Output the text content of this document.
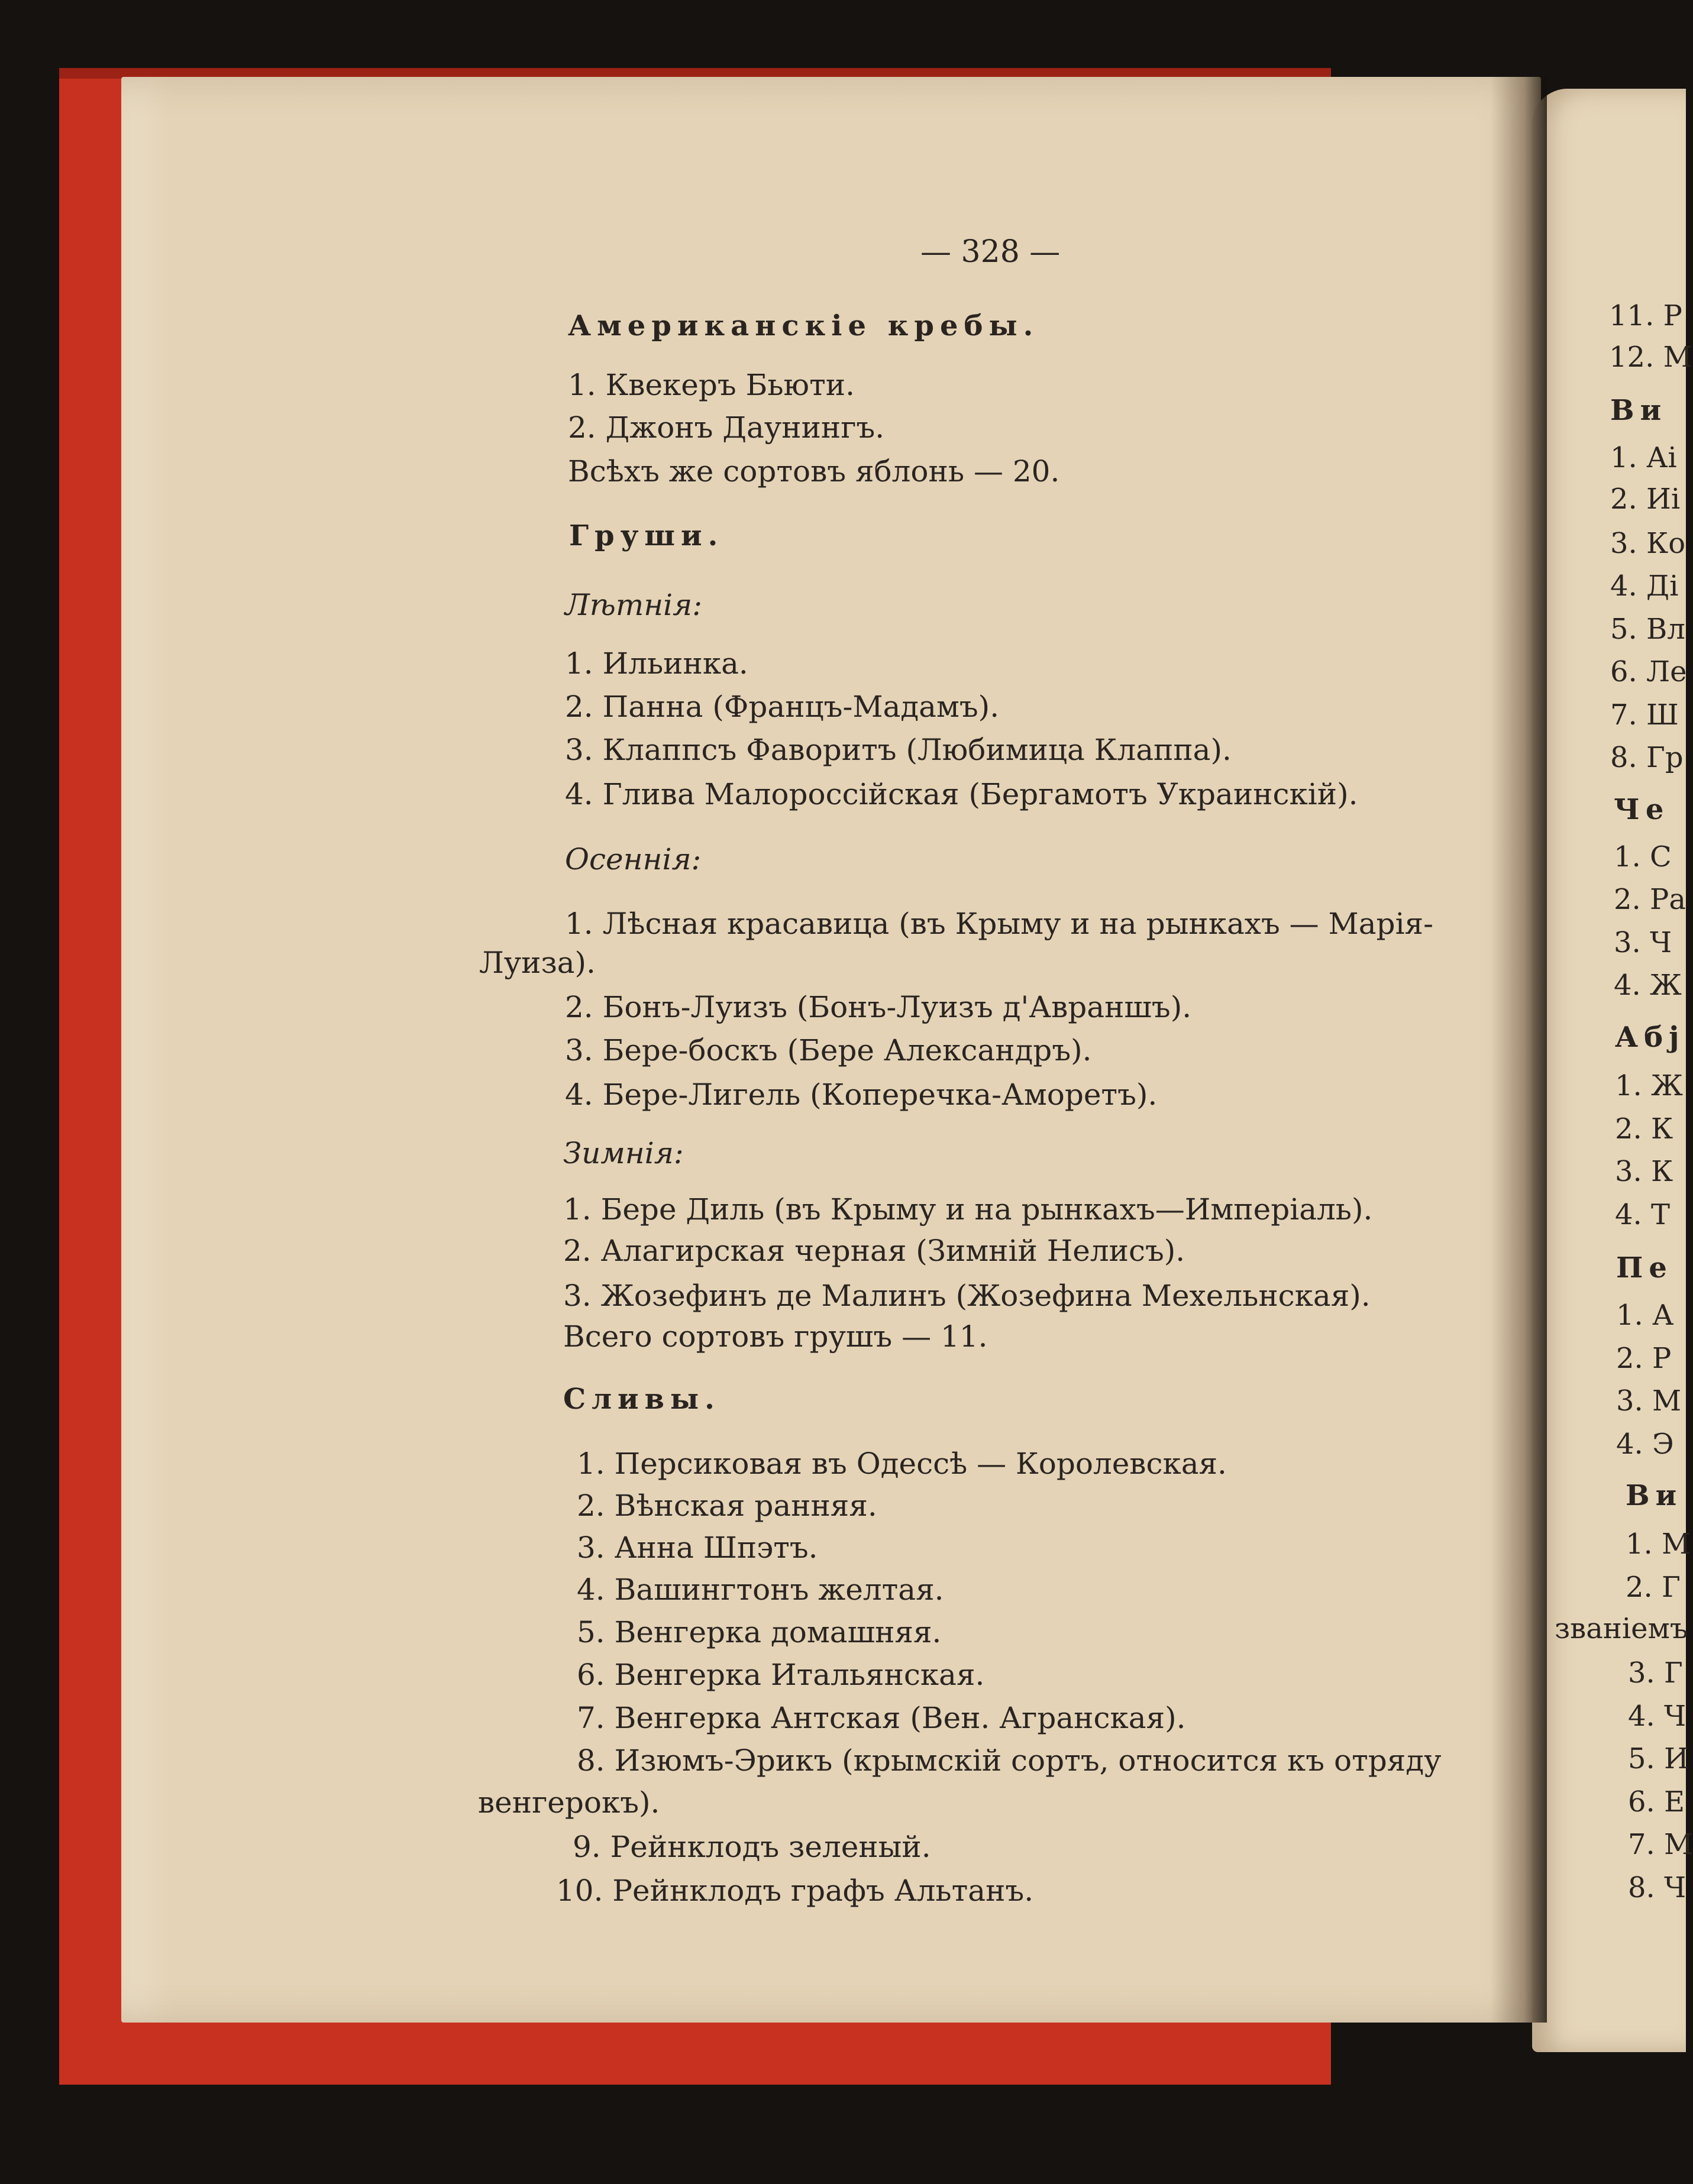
— 328 —
Американскіе кребы.
1. Квекеръ Бьюти.
2. Джонъ Даунингъ.
Всѣхъ же сортовъ яблонь — 20.
Груши.
Лѣтнія:
1. Ильинка.
2. Панна (Францъ-Мадамъ).
3. Клаппсъ Фаворитъ (Любимица Клаппа).
4. Глива Малороссійская (Бергамотъ Украинскій).
Осеннія:
1. Лѣсная красавица (въ Крыму и на рынкахъ — Марія-
Луиза).
2. Бонъ-Луизъ (Бонъ-Луизъ д'Авраншъ).
3. Бере-боскъ (Бере Александръ).
4. Бере-Лигель (Коперечка-Аморетъ).
Зимнія:
1. Бере Диль (въ Крыму и на рынкахъ—Имперіаль).
2. Алагирская черная (Зимній Нелисъ).
3. Жозефинъ де Малинъ (Жозефина Мехельнская).
Всего сортовъ грушъ — 11.
Сливы.
1. Персиковая въ Одессѣ — Королевская.
2. Вѣнская ранняя.
3. Анна Шпэтъ.
4. Вашингтонъ желтая.
5. Венгерка домашняя.
6. Венгерка Итальянская.
7. Венгерка Антская (Вен. Агранская).
8. Изюмъ-Эрикъ (крымскій сортъ, относится къ отряду
венгерокъ).
9. Рейнклодъ зеленый.
10. Рейнклодъ графъ Альтанъ.
11. Р
12. М
Ви
1. Аі
2. Иі
3. Ко
4. Ді
5. Вл
6. Ле
7. Ш
8. Гр
Че
1. С
2. Ра
3. Ч
4. Ж
Абј
1. Ж
2. К
3. К
4. Т
Пе
1. А
2. Р
3. М
4. Э
Ви
1. М
2. Г
званіемъ
3. Г
4. Ч
5. И
6. Е
7. М
8. Ч
